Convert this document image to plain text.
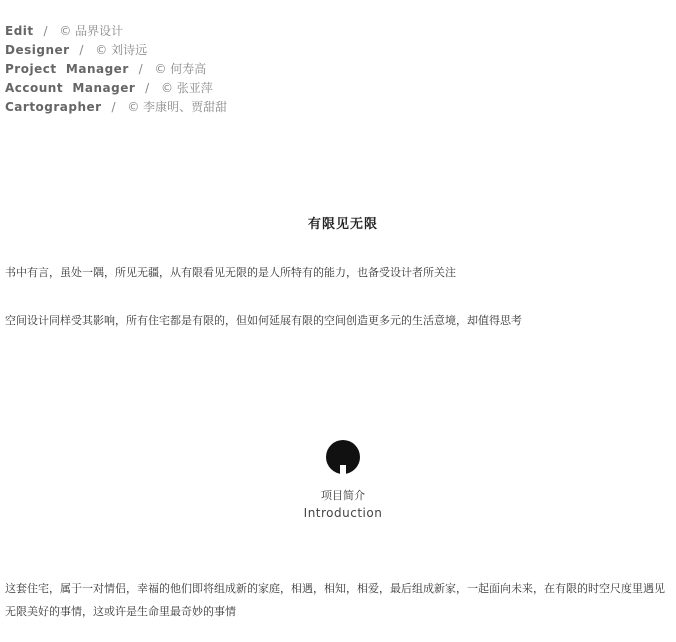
Edit / © 品界设计
Designer / © 刘诗远
Project  Manager / © 何寿高
Account  Manager / © 张亚萍
Cartographer / © 李康明、贾甜甜
有限见无限
书中有言，虽处一隅，所见无疆，从有限看见无限的是人所特有的能力，也备受设计者所关注
空间设计同样受其影响，所有住宅都是有限的，但如何延展有限的空间创造更多元的生活意境，却值得思考
项目简介
Introduction
这套住宅，属于一对情侣，幸福的他们即将组成新的家庭，相遇，相知，相爱，最后组成新家，一起面向未来，在有限的时空尺度里遇见无限美好的事情，这或许是生命里最奇妙的事情
